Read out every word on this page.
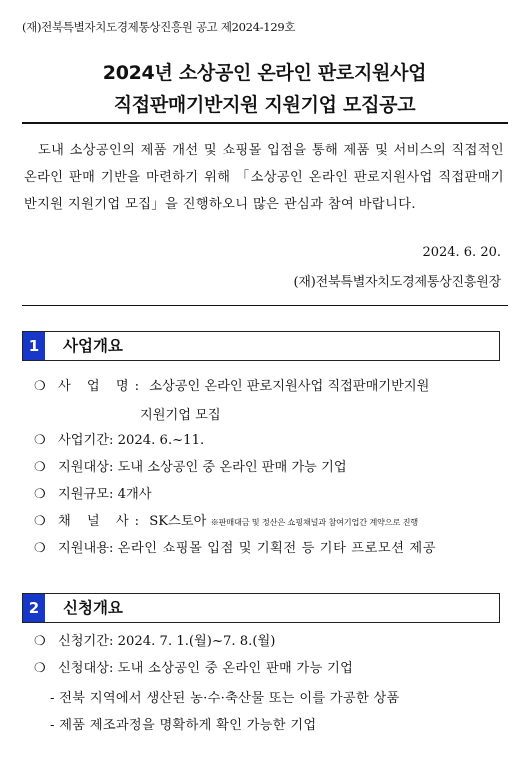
(재)전북특별자치도경제통상진흥원 공고 제2024-129호
2024년 소상공인 온라인 판로지원사업
직접판매기반지원 지원기업 모집공고
도내 소상공인의 제품 개선 및 쇼핑몰 입점을 통해 제품 및 서비스의 직접적인 온라인 판매 기반을 마련하기 위해 「소상공인 온라인 판로지원사업 직접판매기반지원 지원기업 모집」을 진행하오니 많은 관심과 참여 바랍니다.
2024. 6. 20.
(재)전북특별자치도경제통상진흥원장
1	사업개요
❍ 사 업 명: 소상공인 온라인 판로지원사업 직접판매기반지원
지원기업 모집
❍ 사업기간: 2024. 6.~11.
❍ 지원대상: 도내 소상공인 중 온라인 판매 가능 기업
❍ 지원규모: 4개사
❍ 채 널 사: SK스토아 ※판매대금 및 정산은 쇼핑채널과 참여기업간 계약으로 진행
❍ 지원내용: 온라인 쇼핑몰 입점 및 기획전 등 기타 프로모션 제공
2	신청개요
❍ 신청기간: 2024. 7. 1.(월)~7. 8.(월)
❍ 신청대상: 도내 소상공인 중 온라인 판매 가능 기업
- 전북 지역에서 생산된 농·수·축산물 또는 이를 가공한 상품
- 제품 제조과정을 명확하게 확인 가능한 기업
